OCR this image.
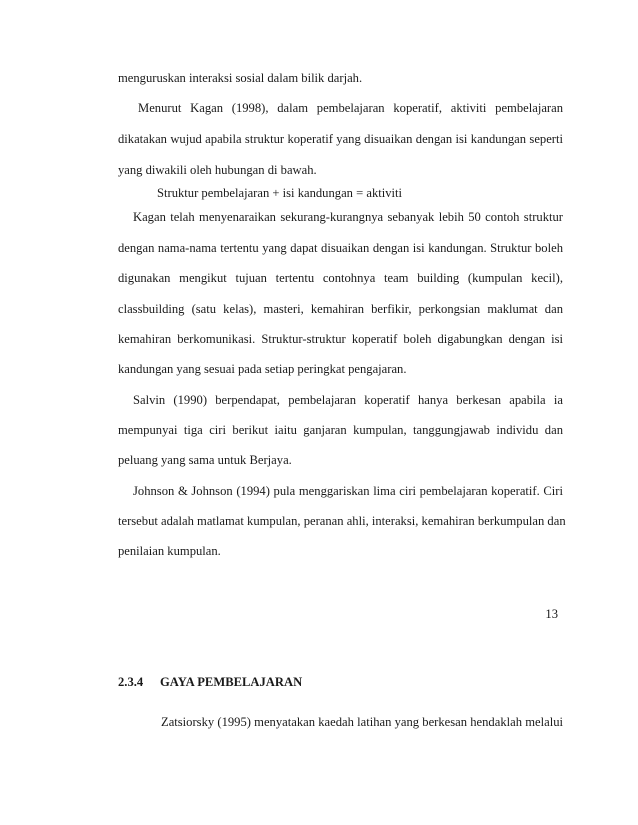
menguruskan interaksi sosial dalam bilik darjah.
Menurut Kagan (1998), dalam pembelajaran koperatif, aktiviti pembelajaran
dikatakan wujud apabila struktur koperatif yang disuaikan dengan isi kandungan seperti
yang diwakili oleh hubungan di bawah.
Struktur pembelajaran + isi kandungan = aktiviti
Kagan telah menyenaraikan sekurang-kurangnya sebanyak lebih 50 contoh struktur
dengan nama-nama tertentu yang dapat disuaikan dengan isi kandungan. Struktur boleh
digunakan mengikut tujuan tertentu contohnya team building (kumpulan kecil),
classbuilding (satu kelas), masteri, kemahiran berfikir, perkongsian maklumat dan
kemahiran berkomunikasi. Struktur-struktur koperatif boleh digabungkan dengan isi
kandungan yang sesuai pada setiap peringkat pengajaran.
Salvin (1990) berpendapat, pembelajaran koperatif hanya berkesan apabila ia
mempunyai tiga ciri berikut iaitu ganjaran kumpulan, tanggungjawab individu dan
peluang yang sama untuk Berjaya.
Johnson & Johnson (1994) pula menggariskan lima ciri pembelajaran koperatif. Ciri
tersebut adalah matlamat kumpulan, peranan ahli, interaksi, kemahiran berkumpulan dan
penilaian kumpulan.
13
2.3.4 GAYA PEMBELAJARAN
Zatsiorsky (1995) menyatakan kaedah latihan yang berkesan hendaklah melalui
